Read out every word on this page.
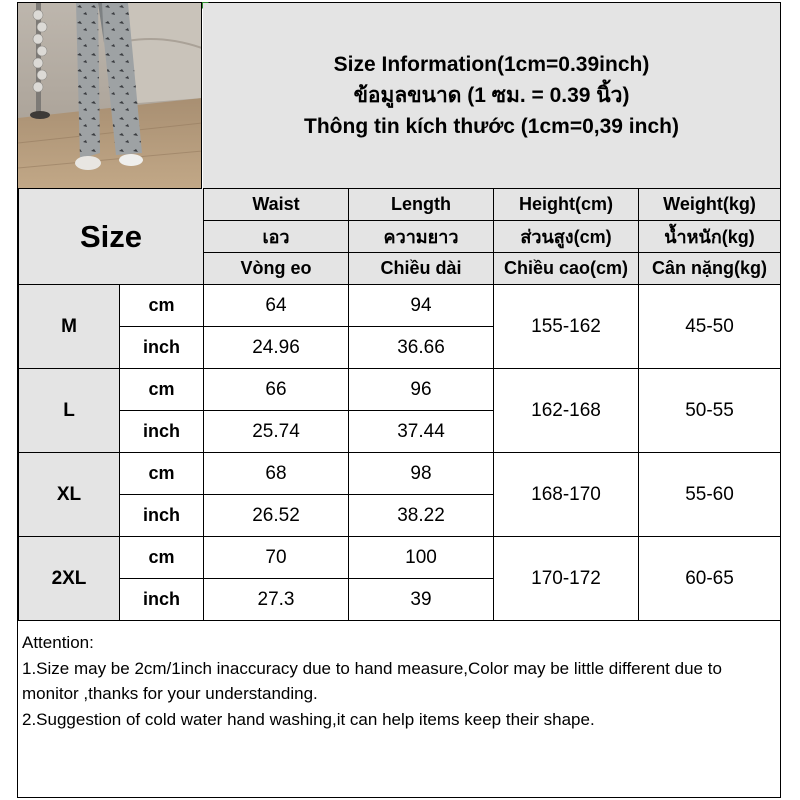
Size Information(1cm=0.39inch)
ข้อมูลขนาด (1 ซม. = 0.39 นิ้ว)
Thông tin kích thước (1cm=0,39 inch)
Size		Waist	Length	Height(cm)	Weight(kg)
		เอว	ความยาว	ส่วนสูง(cm)	น้ำหนัก(kg)
		Vòng eo	Chiều dài	Chiều cao(cm)	Cân nặng(kg)
M	cm	64	94	155-162	45-50
	inch	24.96	36.66		
L	cm	66	96	162-168	50-55
	inch	25.74	37.44		
XL	cm	68	98	168-170	55-60
	inch	26.52	38.22		
2XL	cm	70	100	170-172	60-65
	inch	27.3	39		
Attention:
1.Size may be 2cm/1inch inaccuracy due to hand measure,Color may be little different due to monitor ,thanks for your understanding.
2.Suggestion of cold water hand washing,it can help items keep their shape.
